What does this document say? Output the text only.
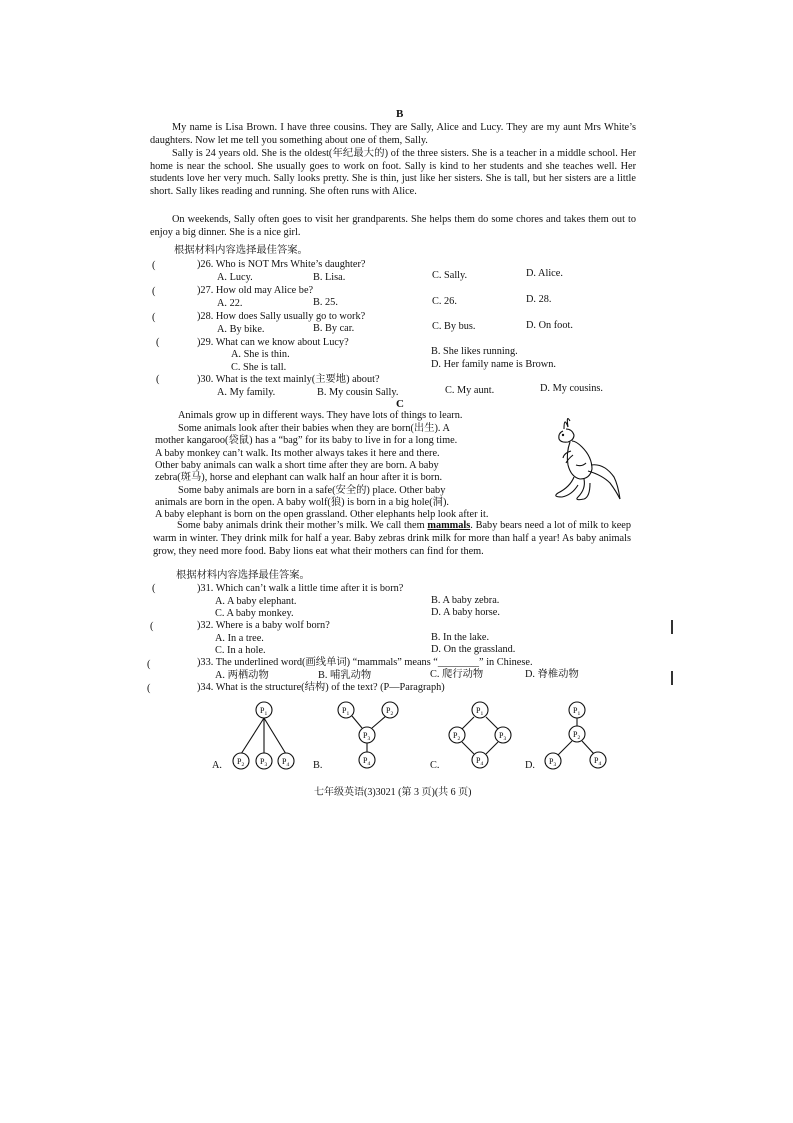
B
My name is Lisa Brown. I have three cousins. They are Sally, Alice and Lucy. They are my aunt Mrs White’s daughters. Now let me tell you something about one of them, Sally.
Sally is 24 years old. She is the oldest(年纪最大的) of the three sisters. She is a teacher in a middle school. Her home is near the school. She usually goes to work on foot. Sally is kind to her students and she teaches well. Her students love her very much. Sally looks pretty. She is thin, just like her sisters. She is tall, but her sisters are a little short. Sally likes reading and running. She often runs with Alice.
On weekends, Sally often goes to visit her grandparents. She helps them do some chores and takes them out to enjoy a big dinner. She is a nice girl.
根据材料内容选择最佳答案。
(	)26. Who is NOT Mrs White’s daughter?
A. Lucy.	B. Lisa.	C. Sally.	D. Alice.
(	)27. How old may Alice be?
A. 22.	B. 25.	C. 26.	D. 28.
(	)28. How does Sally usually go to work?
A. By bike.	B. By car.	C. By bus.	D. On foot.
(	)29. What can we know about Lucy?
A. She is thin.	B. She likes running.
C. She is tall.	D. Her family name is Brown.
(	)30. What is the text mainly(主要地) about?
A. My family.	B. My cousin Sally.	C. My aunt.	D. My cousins.
C
Animals grow up in different ways. They have lots of things to learn.
Some animals look after their babies when they are born(出生). A
mother kangaroo(袋鼠) has a “bag” for its baby to live in for a long time.
A baby monkey can’t walk. Its mother always takes it here and there.
Other baby animals can walk a short time after they are born. A baby
zebra(斑马), horse and elephant can walk half an hour after it is born.
Some baby animals are born in a safe(安全的) place. Other baby
animals are born in the open. A baby wolf(狼) is born in a big hole(洞).
A baby elephant is born on the open grassland. Other elephants help look after it.
Some baby animals drink their mother’s milk. We call them mammals. Baby bears need a lot of milk to keep warm in winter. They drink milk for half a year. Baby zebras drink milk for more than half a year! As baby animals grow, they need more food. Baby lions eat what their mothers can find for them.
根据材料内容选择最佳答案。
(	)31. Which can’t walk a little time after it is born?
A. A baby elephant.	B. A baby zebra.
C. A baby monkey.	D. A baby horse.
(	)32. Where is a baby wolf born?
A. In a tree.	B. In the lake.
C. In a hole.	D. On the grassland.
(	)33. The underlined word(画线单词) “mammals” means “________” in Chinese.
A. 两栖动物	B. 哺乳动物	C. 爬行动物	D. 脊椎动物
(	)34. What is the structure(结构) of the text? (P—Paragraph)
$P_1$
$P_2$ $P_3$ $P_4$
$P_1$	$P_2$
$P_3$
$P_4$
$P_1$
$P_2$	$P_3$
$P_4$
$P_1$
$P_2$
$P_3$	$P_4$
A.	B.	C.	D.
七年级英语(3)3021 (第 3 页)(共 6 页)
